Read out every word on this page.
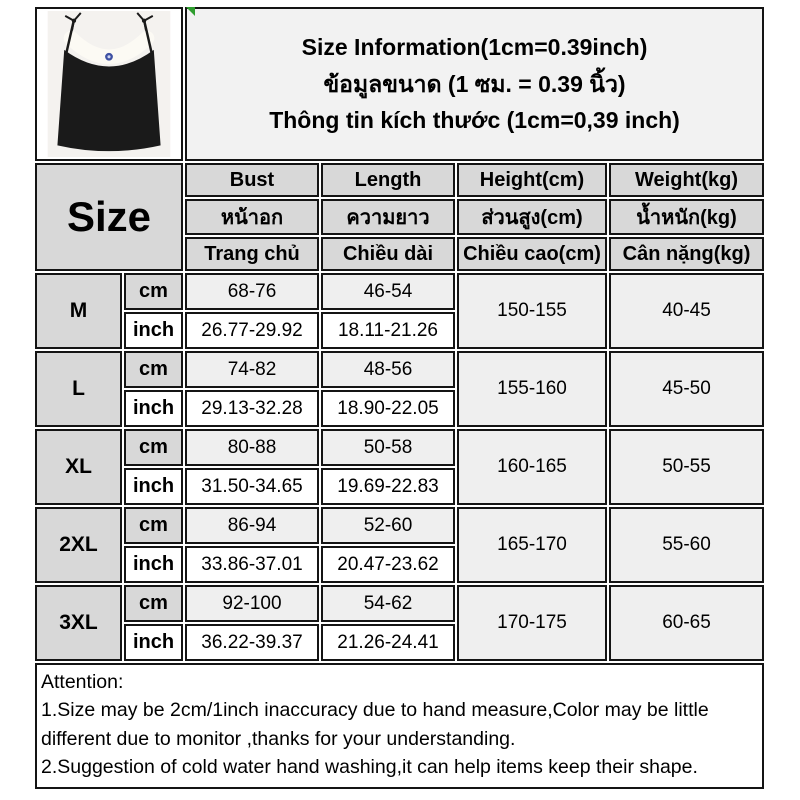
Size Information(1cm=0.39inch)
ข้อมูลขนาด (1 ซม. = 0.39 นิ้ว)
Thông tin kích thước (1cm=0,39 inch)			

Size		Bust	Length	Height(cm)	Weight(kg)
		หน้าอก	ความยาว	ส่วนสูง(cm)	น้ำหนัก(kg)
		Trang chủ	Chiều dài	Chiều cao(cm)	Cân nặng(kg)
M	cm	68-76	46-54	150-155	40-45
	inch	26.77-29.92	18.11-21.26		
L	cm	74-82	48-56	155-160	45-50
	inch	29.13-32.28	18.90-22.05		
XL	cm	80-88	50-58	160-165	50-55
	inch	31.50-34.65	19.69-22.83		
2XL	cm	86-94	52-60	165-170	55-60
	inch	33.86-37.01	20.47-23.62		
3XL	cm	92-100	54-62	170-175	60-65
	inch	36.22-39.37	21.26-24.41		

Attention:
1.Size may be 2cm/1inch inaccuracy due to hand measure,Color may be little different due to monitor ,thanks for your understanding.
2.Suggestion of cold water hand washing,it can help items keep their shape.					
